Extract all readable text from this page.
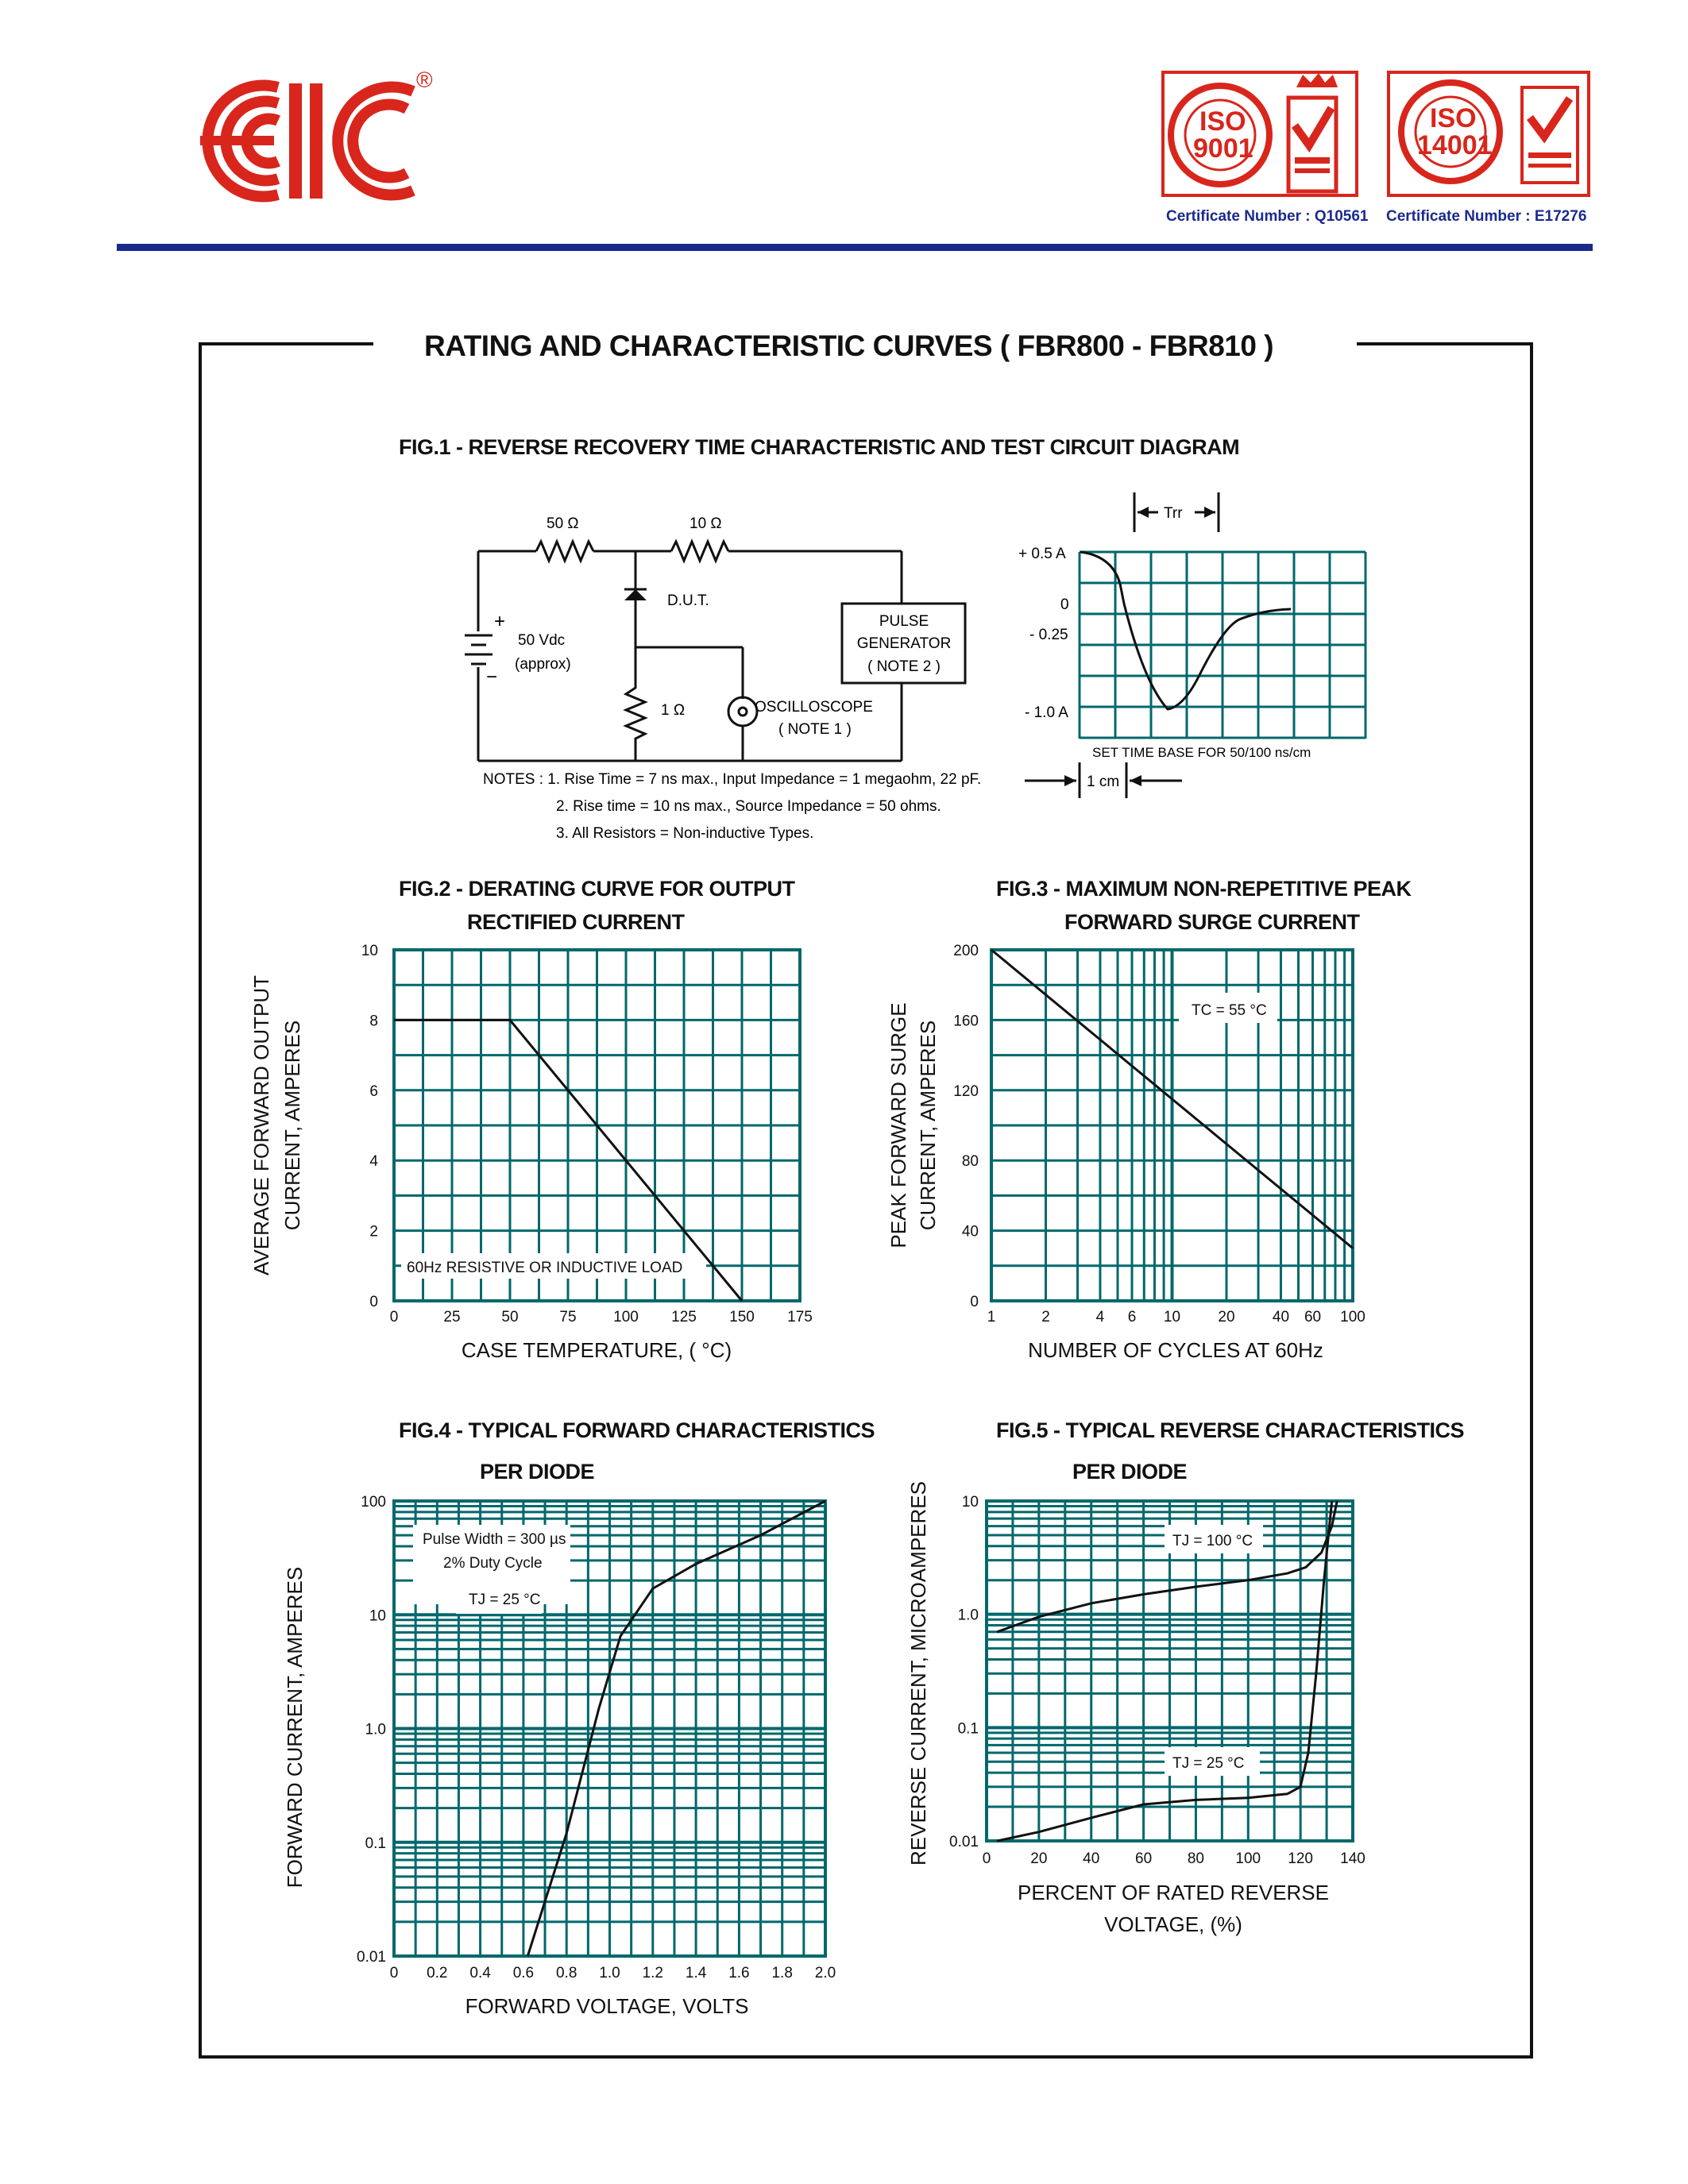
®
ISO
9001
ISO
14001
Certificate Number : Q10561 Certificate Number : E17276
RATING AND CHARACTERISTIC CURVES ( FBR800 - FBR810 )
FIG.1 - REVERSE RECOVERY TIME CHARACTERISTIC AND TEST CIRCUIT DIAGRAM
50 Ω	10 Ω
D.U.T.
+
−
50 Vdc
(approx)
1 Ω
PULSE
GENERATOR
( NOTE 2 )
OSCILLOSCOPE
( NOTE 1 )
NOTES : 1. Rise Time = 7 ns max., Input Impedance = 1 megaohm, 22 pF.
2. Rise time = 10 ns max., Source Impedance = 50 ohms.
3. All Resistors = Non-inductive Types.
Trr
+ 0.5 A
0
- 0.25
- 1.0 A
SET TIME BASE FOR 50/100 ns/cm
1 cm
FIG.2 - DERATING CURVE FOR OUTPUT
RECTIFIED CURRENT
FIG.3 - MAXIMUM NON-REPETITIVE PEAK
FORWARD SURGE CURRENT
FIG.4 - TYPICAL FORWARD CHARACTERISTICS
PER DIODE
FIG.5 - TYPICAL REVERSE CHARACTERISTICS
PER DIODE
60Hz RESISTIVE OR INDUCTIVE LOAD
0	25	50	75 100 125 150 175
0
2
4
6
8
10
CASE TEMPERATURE, ( °C)
AVERAGE FORWARD OUTPUT CURRENT, AMPERES
TC = 55 °C
1	2	4 6 10 20 40 60 100
0
40
80
120
160
200
NUMBER OF CYCLES AT 60Hz
PEAK FORWARD SURGE CURRENT, AMPERES
Pulse Width = 300 µs
2% Duty Cycle
TJ = 25 °C
0 0.2 0.4 0.6 0.8 1.0 1.2 1.4 1.6 1.8 2.0
0.01
0.1
1.0
10
100
FORWARD VOLTAGE, VOLTS
FORWARD CURRENT, AMPERES
TJ = 100 °C
TJ = 25 °C
0	20 40 60 80 100 120 140
0.01
0.1
1.0
10
PERCENT OF RATED REVERSE
VOLTAGE, (%)
REVERSE CURRENT, MICROAMPERES
